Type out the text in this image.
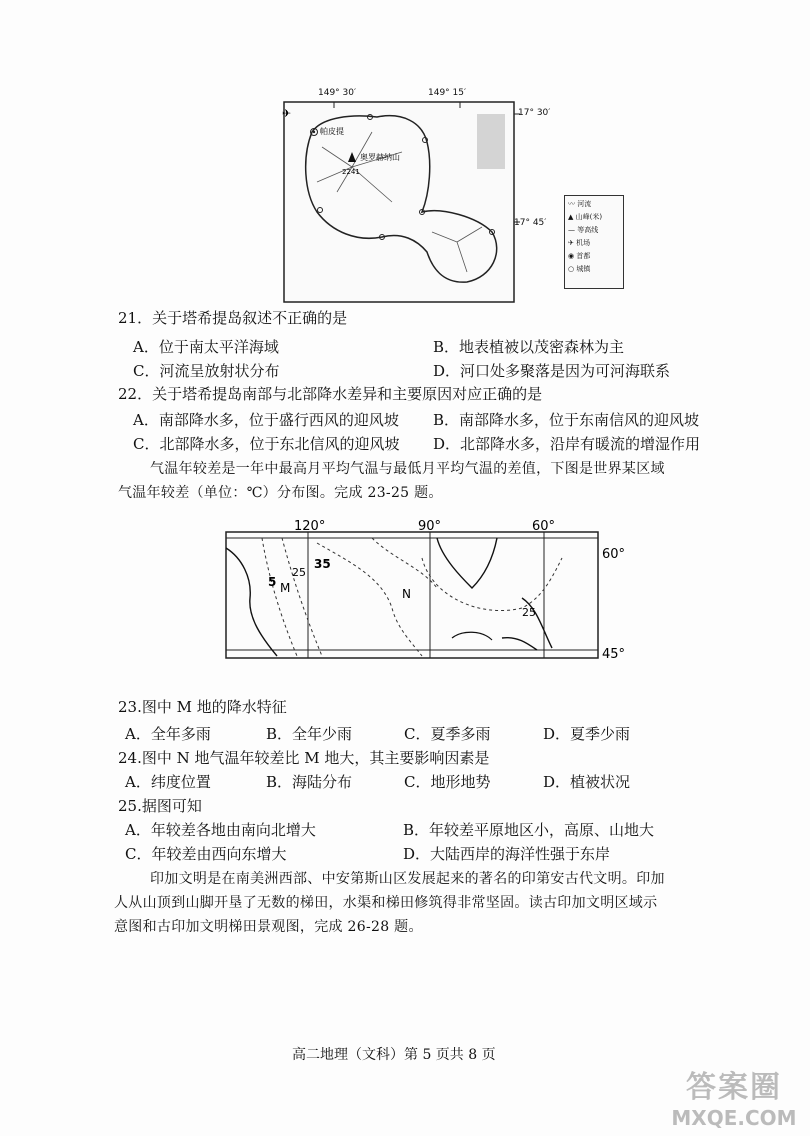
奥罗赫纳山
2241
帕皮提
✈
149° 30′	149° 15′
17° 30′
17° 45′
〰 河流
▲ 山峰(米)
— 等高线
✈ 机场
◉ 首都
○ 城镇
21．关于塔希提岛叙述不正确的是
A．位于南太平洋海域	B．地表植被以茂密森林为主
C．河流呈放射状分布	D．河口处多聚落是因为可河海联系
22．关于塔希提岛南部与北部降水差异和主要原因对应正确的是
A．南部降水多，位于盛行西风的迎风坡 B．南部降水多，位于东南信风的迎风坡
C．北部降水多，位于东北信风的迎风坡 D．北部降水多，沿岸有暖流的增湿作用
气温年较差是一年中最高月平均气温与最低月平均气温的差值，下图是世界某区域
气温年较差（单位：℃）分布图。完成 23-25 题。
35
25
5
25
M	N
120°	90°	60°
60°
45°
23.图中 M 地的降水特征
A．全年多雨	B．全年少雨	C．夏季多雨	D．夏季少雨
24.图中 N 地气温年较差比 M 地大，其主要影响因素是
A．纬度位置	B．海陆分布	C．地形地势	D．植被状况
25.据图可知
A．年较差各地由南向北增大	B．年较差平原地区小，高原、山地大
C．年较差由西向东增大	D．大陆西岸的海洋性强于东岸
印加文明是在南美洲西部、中安第斯山区发展起来的著名的印第安古代文明。印加
人从山顶到山脚开垦了无数的梯田，水渠和梯田修筑得非常坚固。读古印加文明区域示
意图和古印加文明梯田景观图，完成 26-28 题。
高二地理（文科）第 5 页共 8 页
答案圈
MXQE.COM
